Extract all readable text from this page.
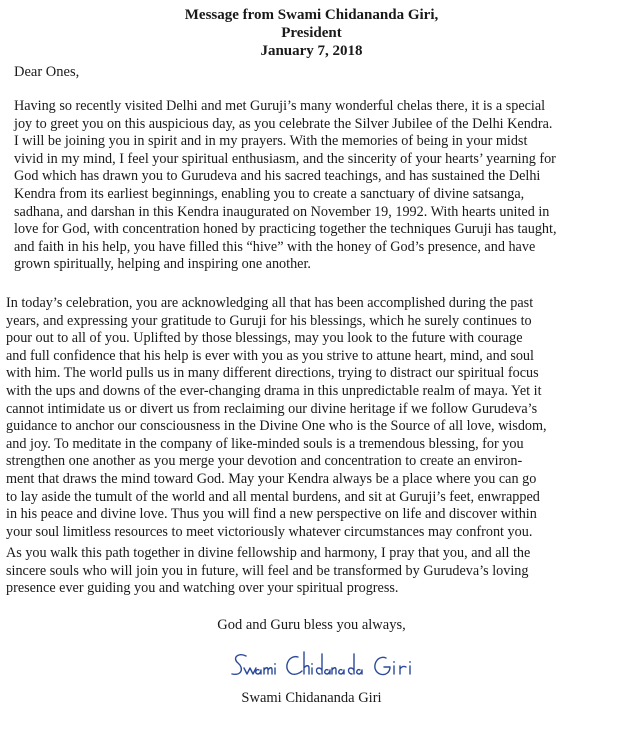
Message from Swami Chidananda Giri,
President
January 7, 2018
Dear Ones,

Having so recently visited Delhi and met Guruji’s many wonderful chelas there, it is a special
joy to greet you on this auspicious day, as you celebrate the Silver Jubilee of the Delhi Kendra.
I will be joining you in spirit and in my prayers. With the memories of being in your midst
vivid in my mind, I feel your spiritual enthusiasm, and the sincerity of your hearts’ yearning for
God which has drawn you to Gurudeva and his sacred teachings, and has sustained the Delhi
Kendra from its earliest beginnings, enabling you to create a sanctuary of divine satsanga,
sadhana, and darshan in this Kendra inaugurated on November 19, 1992. With hearts united in
love for God, with concentration honed by practicing together the techniques Guruji has taught,
and faith in his help, you have filled this “hive” with the honey of God’s presence, and have
grown spiritually, helping and inspiring one another.

In today’s celebration, you are acknowledging all that has been accomplished during the past
years, and expressing your gratitude to Guruji for his blessings, which he surely continues to
pour out to all of you. Uplifted by those blessings, may you look to the future with courage
and full confidence that his help is ever with you as you strive to attune heart, mind, and soul
with him. The world pulls us in many different directions, trying to distract our spiritual focus
with the ups and downs of the ever-changing drama in this unpredictable realm of maya. Yet it
cannot intimidate us or divert us from reclaiming our divine heritage if we follow Gurudeva’s
guidance to anchor our consciousness in the Divine One who is the Source of all love, wisdom,
and joy. To meditate in the company of like-minded souls is a tremendous blessing, for you
strengthen one another as you merge your devotion and concentration to create an environ-
ment that draws the mind toward God. May your Kendra always be a place where you can go
to lay aside the tumult of the world and all mental burdens, and sit at Guruji’s feet, enwrapped
in his peace and divine love. Thus you will find a new perspective on life and discover within
your soul limitless resources to meet victoriously whatever circumstances may confront you.

As you walk this path together in divine fellowship and harmony, I pray that you, and all the
sincere souls who will join you in future, will feel and be transformed by Gurudeva’s loving
presence ever guiding you and watching over your spiritual progress.

God and Guru bless you always,
Swami Chidananda Giri
